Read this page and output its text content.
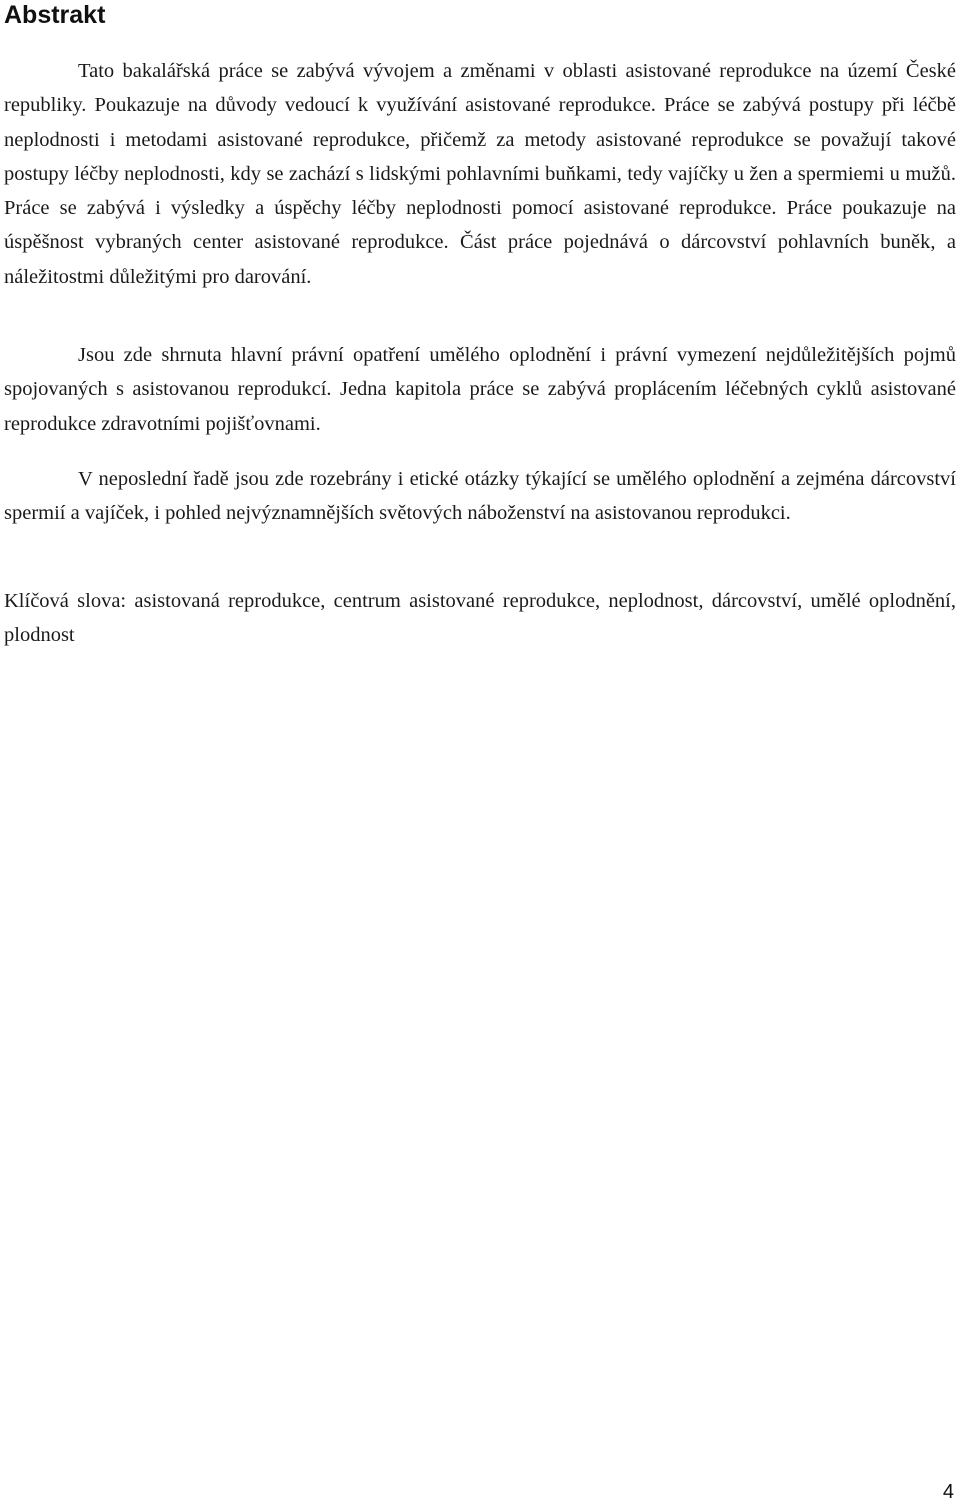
Abstrakt

Tato bakalářská práce se zabývá vývojem a změnami v oblasti asistované reprodukce na území České republiky. Poukazuje na důvody vedoucí k využívání asistované reprodukce. Práce se zabývá postupy při léčbě neplodnosti i metodami asistované reprodukce, přičemž za metody asistované reprodukce se považují takové postupy léčby neplodnosti, kdy se zachází s lidskými pohlavními buňkami, tedy vajíčky u žen a spermiemi u mužů. Práce se zabývá i výsledky a úspěchy léčby neplodnosti pomocí asistované reprodukce. Práce poukazuje na úspěšnost vybraných center asistované reprodukce. Část práce pojednává o dárcovství pohlavních buněk, a náležitostmi důležitými pro darování.

Jsou zde shrnuta hlavní právní opatření umělého oplodnění i právní vymezení nejdůležitějších pojmů spojovaných s asistovanou reprodukcí. Jedna kapitola práce se zabývá proplácením léčebných cyklů asistované reprodukce zdravotními pojišťovnami.

V neposlední řadě jsou zde rozebrány i etické otázky týkající se umělého oplodnění a zejména dárcovství spermií a vajíček, i pohled nejvýznamnějších světových náboženství na asistovanou reprodukci.

Klíčová slova: asistovaná reprodukce, centrum asistované reprodukce, neplodnost, dárcovství, umělé oplodnění, plodnost

4
